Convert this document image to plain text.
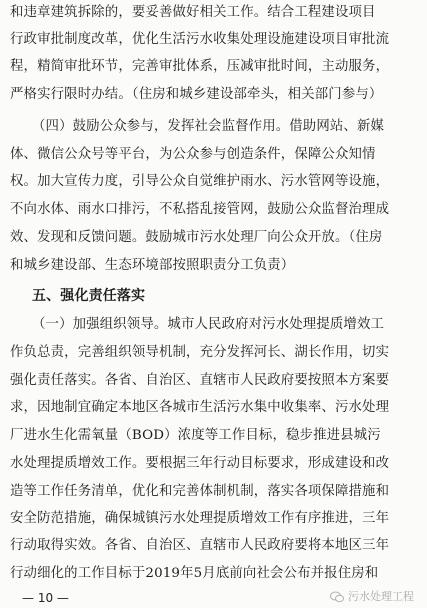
和违章建筑拆除的，要妥善做好相关工作。结合工程建设项目
行政审批制度改革，优化生活污水收集处理设施建设项目审批流
程，精简审批环节，完善审批体系，压减审批时间，主动服务，
严格实行限时办结。（住房和城乡建设部牵头，相关部门参与）
（四）鼓励公众参与，发挥社会监督作用。借助网站、新媒
体、微信公众号等平台，为公众参与创造条件，保障公众知情
权。加大宣传力度，引导公众自觉维护雨水、污水管网等设施，
不向水体、雨水口排污，不私搭乱接管网，鼓励公众监督治理成
效、发现和反馈问题。鼓励城市污水处理厂向公众开放。（住房
和城乡建设部、生态环境部按照职责分工负责）
五、强化责任落实
（一）加强组织领导。城市人民政府对污水处理提质增效工
作负总责，完善组织领导机制，充分发挥河长、湖长作用，切实
强化责任落实。各省、自治区、直辖市人民政府要按照本方案要
求，因地制宜确定本地区各城市生活污水集中收集率、污水处理
厂进水生化需氧量（BOD）浓度等工作目标，稳步推进县城污
水处理提质增效工作。要根据三年行动目标要求，形成建设和改
造等工作任务清单，优化和完善体制机制，落实各项保障措施和
安全防范措施，确保城镇污水处理提质增效工作有序推进，三年
行动取得实效。各省、自治区、直辖市人民政府要将本地区三年
行动细化的工作目标于2019年5月底前向社会公布并报住房和
— 10 —	污水处理工程
